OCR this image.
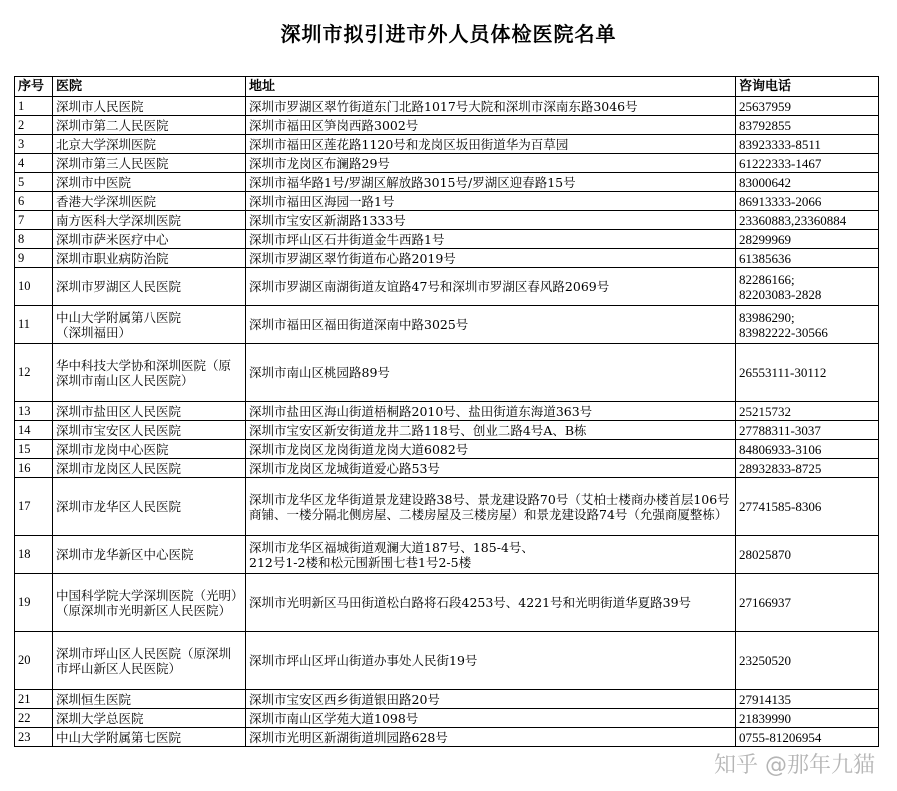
深圳市拟引进市外人员体检医院名单
序号	医院	地址	咨询电话
1	深圳市人民医院	深圳市罗湖区翠竹街道东门北路1017号大院和深圳市深南东路3046号	25637959
2	深圳市第二人民医院	深圳市福田区笋岗西路3002号	83792855
3	北京大学深圳医院	深圳市福田区莲花路1120号和龙岗区坂田街道华为百草园	83923333-8511
4	深圳市第三人民医院	深圳市龙岗区布澜路29号	61222333-1467
5	深圳市中医院	深圳市福华路1号/罗湖区解放路3015号/罗湖区迎春路15号	83000642
6	香港大学深圳医院	深圳市福田区海园一路1号	86913333-2066
7	南方医科大学深圳医院	深圳市宝安区新湖路1333号	23360883,23360884
8	深圳市萨米医疗中心	深圳市坪山区石井街道金牛西路1号	28299969
9	深圳市职业病防治院	深圳市罗湖区翠竹街道布心路2019号	61385636
10	深圳市罗湖区人民医院	深圳市罗湖区南湖街道友谊路47号和深圳市罗湖区春风路2069号	82286166;
82203083-2828
11	中山大学附属第八医院
（深圳福田）	深圳市福田区福田街道深南中路3025号	83986290;
83982222-30566
12	华中科技大学协和深圳医院（原深圳市南山区人民医院）	深圳市南山区桃园路89号	26553111-30112
13	深圳市盐田区人民医院	深圳市盐田区海山街道梧桐路2010号、盐田街道东海道363号	25215732
14	深圳市宝安区人民医院	深圳市宝安区新安街道龙井二路118号、创业二路4号A、B栋	27788311-3037
15	深圳市龙岗中心医院	深圳市龙岗区龙岗街道龙岗大道6082号	84806933-3106
16	深圳市龙岗区人民医院	深圳市龙岗区龙城街道爱心路53号	28932833-8725
17	深圳市龙华区人民医院	深圳市龙华区龙华街道景龙建设路38号、景龙建设路70号（艾柏士楼商办楼首层106号商铺、一楼分隔北侧房屋、二楼房屋及三楼房屋）和景龙建设路74号（允强商厦整栋）	27741585-8306
18	深圳市龙华新区中心医院	深圳市龙华区福城街道观澜大道187号、185-4号、
212号1-2楼和松元围新围七巷1号2-5楼	28025870
19	中国科学院大学深圳医院（光明）（原深圳市光明新区人民医院）	深圳市光明新区马田街道松白路将石段4253号、4221号和光明街道华夏路39号	27166937
20	深圳市坪山区人民医院（原深圳市坪山新区人民医院）	深圳市坪山区坪山街道办事处人民街19号	23250520
21	深圳恒生医院	深圳市宝安区西乡街道银田路20号	27914135
22	深圳大学总医院	深圳市南山区学苑大道1098号	21839990
23	中山大学附属第七医院	深圳市光明区新湖街道圳园路628号	0755-81206954
知乎 @那年九猫
